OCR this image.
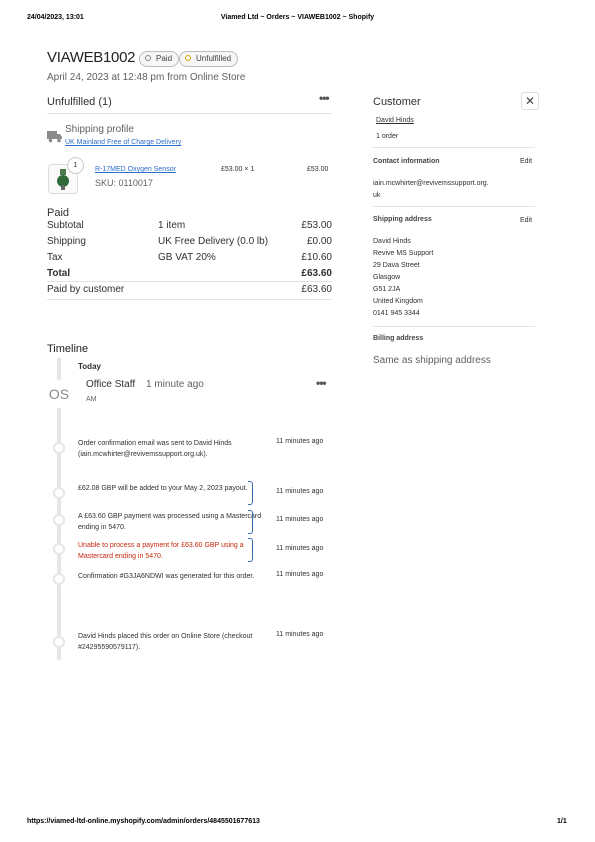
24/04/2023, 13:01	Viamed Ltd ~ Orders ~ VIAWEB1002 ~ Shopify
VIAWEB1002	Paid	Unfulfilled
April 24, 2023 at 12:48 pm from Online Store
Unfulfilled (1)	•••
Shipping profile
UK Mainland Free of Charge Delivery
1
R-17MED Oxygen Sensor
SKU: 0110017
£53.00 × 1	£53.00
Paid
Subtotal	1 item	£53.00
Shipping	UK Free Delivery (0.0 lb)	£0.00
Tax	GB VAT 20%	£10.60
Total	£63.60
Paid by customer	£63.60
Timeline
Today
OS
Office Staff 1 minute ago
AM
•••
Order confirmation email was sent to David Hinds (iain.mcwhirter@revivemssupport.org.uk).
11 minutes ago
£62.08 GBP will be added to your May 2, 2023 payout.	11 minutes ago
A £63.60 GBP payment was processed using a Mastercard ending in 5470.
11 minutes ago
Unable to process a payment for £63.60 GBP using a Mastercard ending in 5470.
11 minutes ago
Confirmation #G3JA6NDWI was generated for this order.	11 minutes ago
David Hinds placed this order on Online Store (checkout #24295590579117).
11 minutes ago
Customer	✕
David Hinds
1 order
Contact information	Edit
iain.mcwhirter@revivemssupport.org.
uk
Shipping address	Edit
David Hinds
Revive MS Support
29 Dava Street
Glasgow
G51 2JA
United Kingdom
0141 945 3344
Billing address
Same as shipping address
https://viamed-ltd-online.myshopify.com/admin/orders/4845501677613	1/1
